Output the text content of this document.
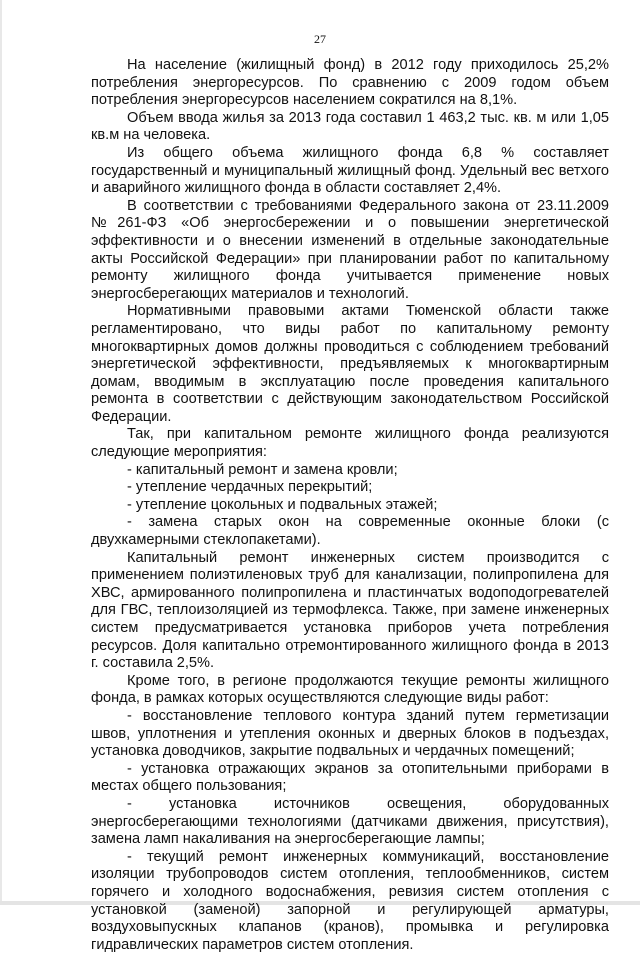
27

На население (жилищный фонд) в 2012 году приходилось 25,2% потребления энергоресурсов. По сравнению с 2009 годом объем потребления энергоресурсов населением сократился на 8,1%.

Объем ввода жилья за 2013 года составил 1 463,2 тыс. кв. м или 1,05 кв.м на человека.

Из общего объема жилищного фонда 6,8 % составляет государственный и муниципальный жилищный фонд. Удельный вес ветхого и аварийного жилищного фонда в области составляет 2,4%.

В соответствии с требованиями Федерального закона от 23.11.2009 №261-ФЗ «Об энергосбережении и о повышении энергетической эффективности и о внесении изменений в отдельные законодательные акты Российской Федерации» при планировании работ по капитальному ремонту жилищного фонда учитывается применение новых энергосберегающих материалов и технологий.

Нормативными правовыми актами Тюменской области также регламентировано, что виды работ по капитальному ремонту многоквартирных домов должны проводиться с соблюдением требований энергетической эффективности, предъявляемых к многоквартирным домам, вводимым в эксплуатацию после проведения капитального ремонта в соответствии с действующим законодательством Российской Федерации.

Так, при капитальном ремонте жилищного фонда реализуются следующие мероприятия:

- капитальный ремонт и замена кровли;

- утепление чердачных перекрытий;

- утепление цокольных и подвальных этажей;

- замена старых окон на современные оконные блоки (с двухкамерными стеклопакетами).

Капитальный ремонт инженерных систем производится с применением полиэтиленовых труб для канализации, полипропилена для ХВС, армированного полипропилена и пластинчатых водоподогревателей для ГВС, теплоизоляцией из термофлекса. Также, при замене инженерных систем предусматривается установка приборов учета потребления ресурсов. Доля капитально отремонтированного жилищного фонда в 2013 г. составила 2,5%.

Кроме того, в регионе продолжаются текущие ремонты жилищного фонда, в рамках которых осуществляются следующие виды работ:

- восстановление теплового контура зданий путем герметизации швов, уплотнения и утепления оконных и дверных блоков в подъездах, установка доводчиков, закрытие подвальных и чердачных помещений;

- установка отражающих экранов за отопительными приборами в местах общего пользования;

- установка источников освещения, оборудованных энергосберегающими технологиями (датчиками движения, присутствия), замена ламп накаливания на энергосберегающие лампы;

- текущий ремонт инженерных коммуникаций, восстановление изоляции трубопроводов систем отопления, теплообменников, систем горячего и холодного водоснабжения, ревизия систем отопления с установкой (заменой) запорной и регулирующей арматуры, воздуховыпускных клапанов (кранов), промывка и регулировка гидравлических параметров систем отопления.
